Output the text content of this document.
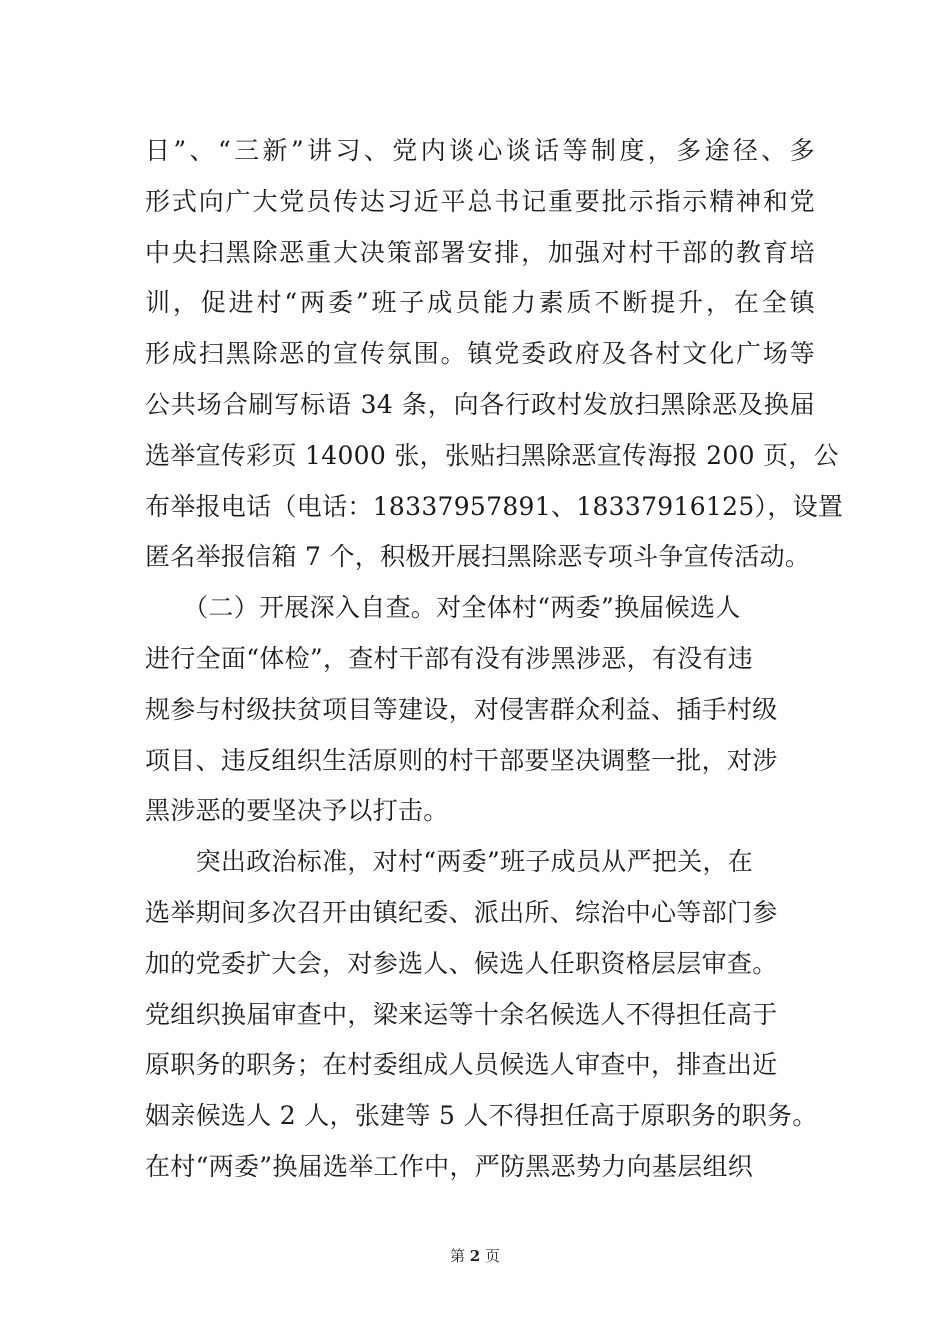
日”、“三新”讲习、党内谈心谈话等制度，多途径、多
形式向广大党员传达习近平总书记重要批示指示精神和党
中央扫黑除恶重大决策部署安排，加强对村干部的教育培
训，促进村“两委”班子成员能力素质不断提升，在全镇
形成扫黑除恶的宣传氛围。镇党委政府及各村文化广场等
公共场合刷写标语 34 条，向各行政村发放扫黑除恶及换届
选举宣传彩页 14000 张，张贴扫黑除恶宣传海报 200 页，公
布举报电话（电话：18337957891、18337916125），设置
匿名举报信箱 7 个，积极开展扫黑除恶专项斗争宣传活动。
　　（二）开展深入自查。对全体村“两委”换届候选人
进行全面“体检”，查村干部有没有涉黑涉恶，有没有违
规参与村级扶贫项目等建设，对侵害群众利益、插手村级
项目、违反组织生活原则的村干部要坚决调整一批，对涉
黑涉恶的要坚决予以打击。
　　突出政治标准，对村“两委”班子成员从严把关，在
选举期间多次召开由镇纪委、派出所、综治中心等部门参
加的党委扩大会，对参选人、候选人任职资格层层审查。
党组织换届审查中，梁来运等十余名候选人不得担任高于
原职务的职务；在村委组成人员候选人审查中，排查出近
姻亲候选人 2 人，张建等 5 人不得担任高于原职务的职务。
在村“两委”换届选举工作中，严防黑恶势力向基层组织
第 2 页
